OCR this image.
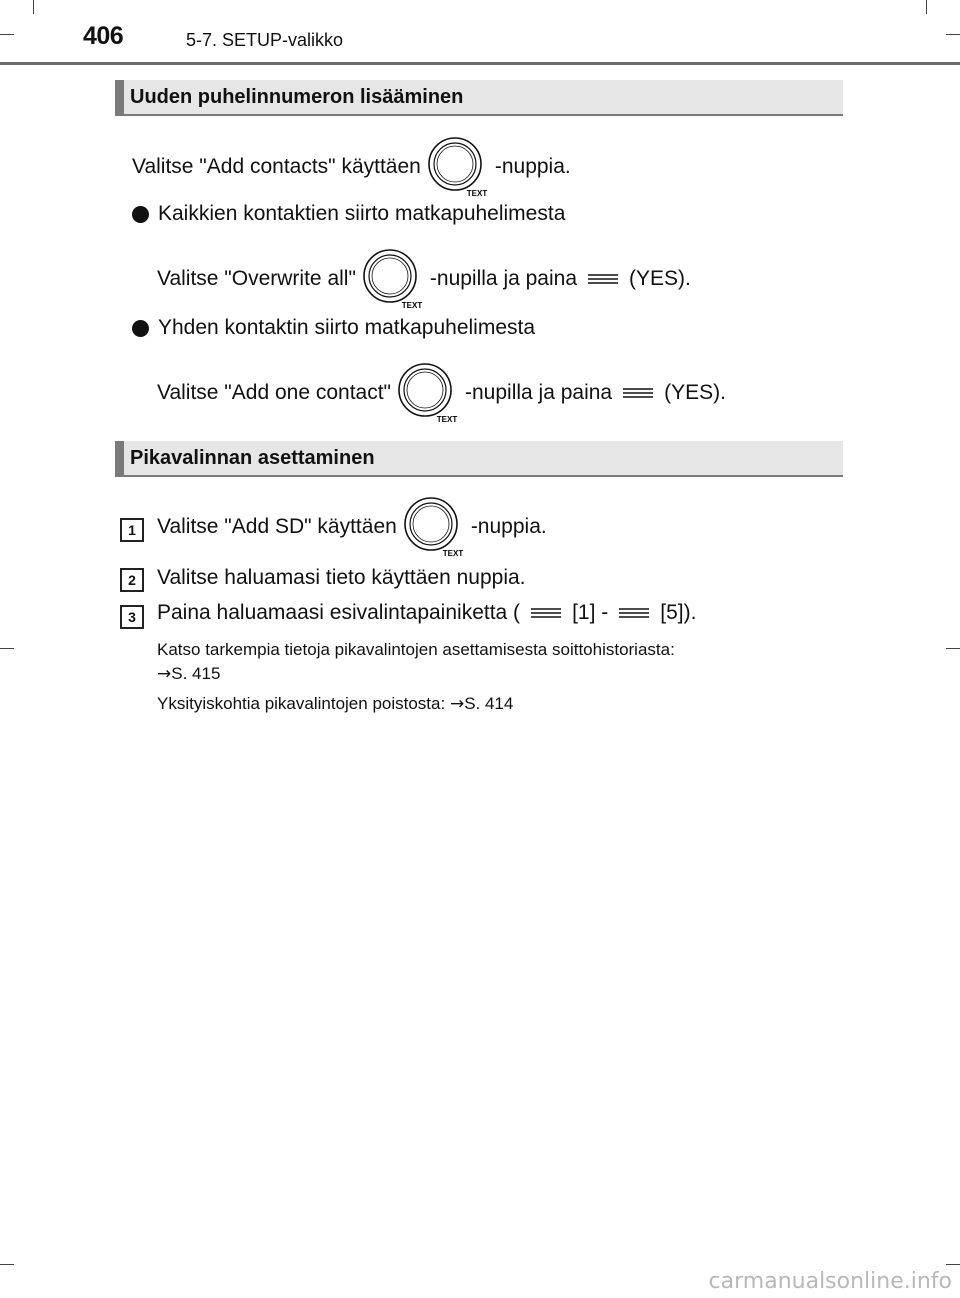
406	5-7. SETUP-valikko
Uuden puhelinnumeron lisääminen
Valitse "Add contacts" käyttäen
TEXT
-nuppia.
Kaikkien kontaktien siirto matkapuhelimesta
Valitse "Overwrite all"
TEXT
-nupilla ja paina (YES).
Yhden kontaktin siirto matkapuhelimesta
Valitse "Add one contact"
TEXT
-nupilla ja paina (YES).
Pikavalinnan asettaminen
1	Valitse "Add SD" käyttäen
TEXT
-nuppia.
2	Valitse haluamasi tieto käyttäen nuppia.
3	Paina haluamaasi esivalintapainiketta ( [1] - [5]).
Katso tarkempia tietoja pikavalintojen asettamisesta soittohistoriasta:
→S. 415
Yksityiskohtia pikavalintojen poistosta: →S. 414
carmanualsonline.info
